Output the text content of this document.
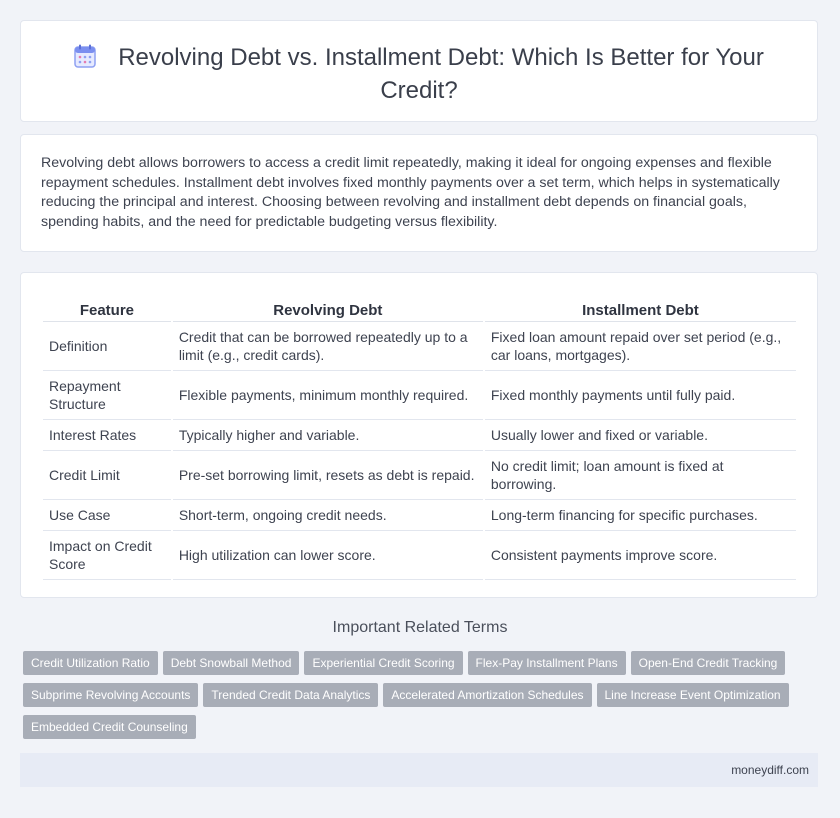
Revolving Debt vs. Installment Debt: Which Is Better for Your Credit?

Revolving debt allows borrowers to access a credit limit repeatedly, making it ideal for ongoing expenses and flexible repayment schedules. Installment debt involves fixed monthly payments over a set term, which helps in systematically reducing the principal and interest. Choosing between revolving and installment debt depends on financial goals, spending habits, and the need for predictable budgeting versus flexibility.

Feature	Revolving Debt	Installment Debt
Definition	Credit that can be borrowed repeatedly up to a limit (e.g., credit cards).	Fixed loan amount repaid over set period (e.g., car loans, mortgages).
Repayment Structure	Flexible payments, minimum monthly required.	Fixed monthly payments until fully paid.
Interest Rates	Typically higher and variable.	Usually lower and fixed or variable.
Credit Limit	Pre-set borrowing limit, resets as debt is repaid.	No credit limit; loan amount is fixed at borrowing.
Use Case	Short-term, ongoing credit needs.	Long-term financing for specific purchases.
Impact on Credit Score	High utilization can lower score.	Consistent payments improve score.
Important Related Terms
Credit Utilization Ratio Debt Snowball Method Experiential Credit Scoring Flex-Pay Installment Plans Open-End Credit TrackingSubprime Revolving Accounts Trended Credit Data Analytics Accelerated Amortization Schedules Line Increase Event OptimizationEmbedded Credit Counseling
moneydiff.com
